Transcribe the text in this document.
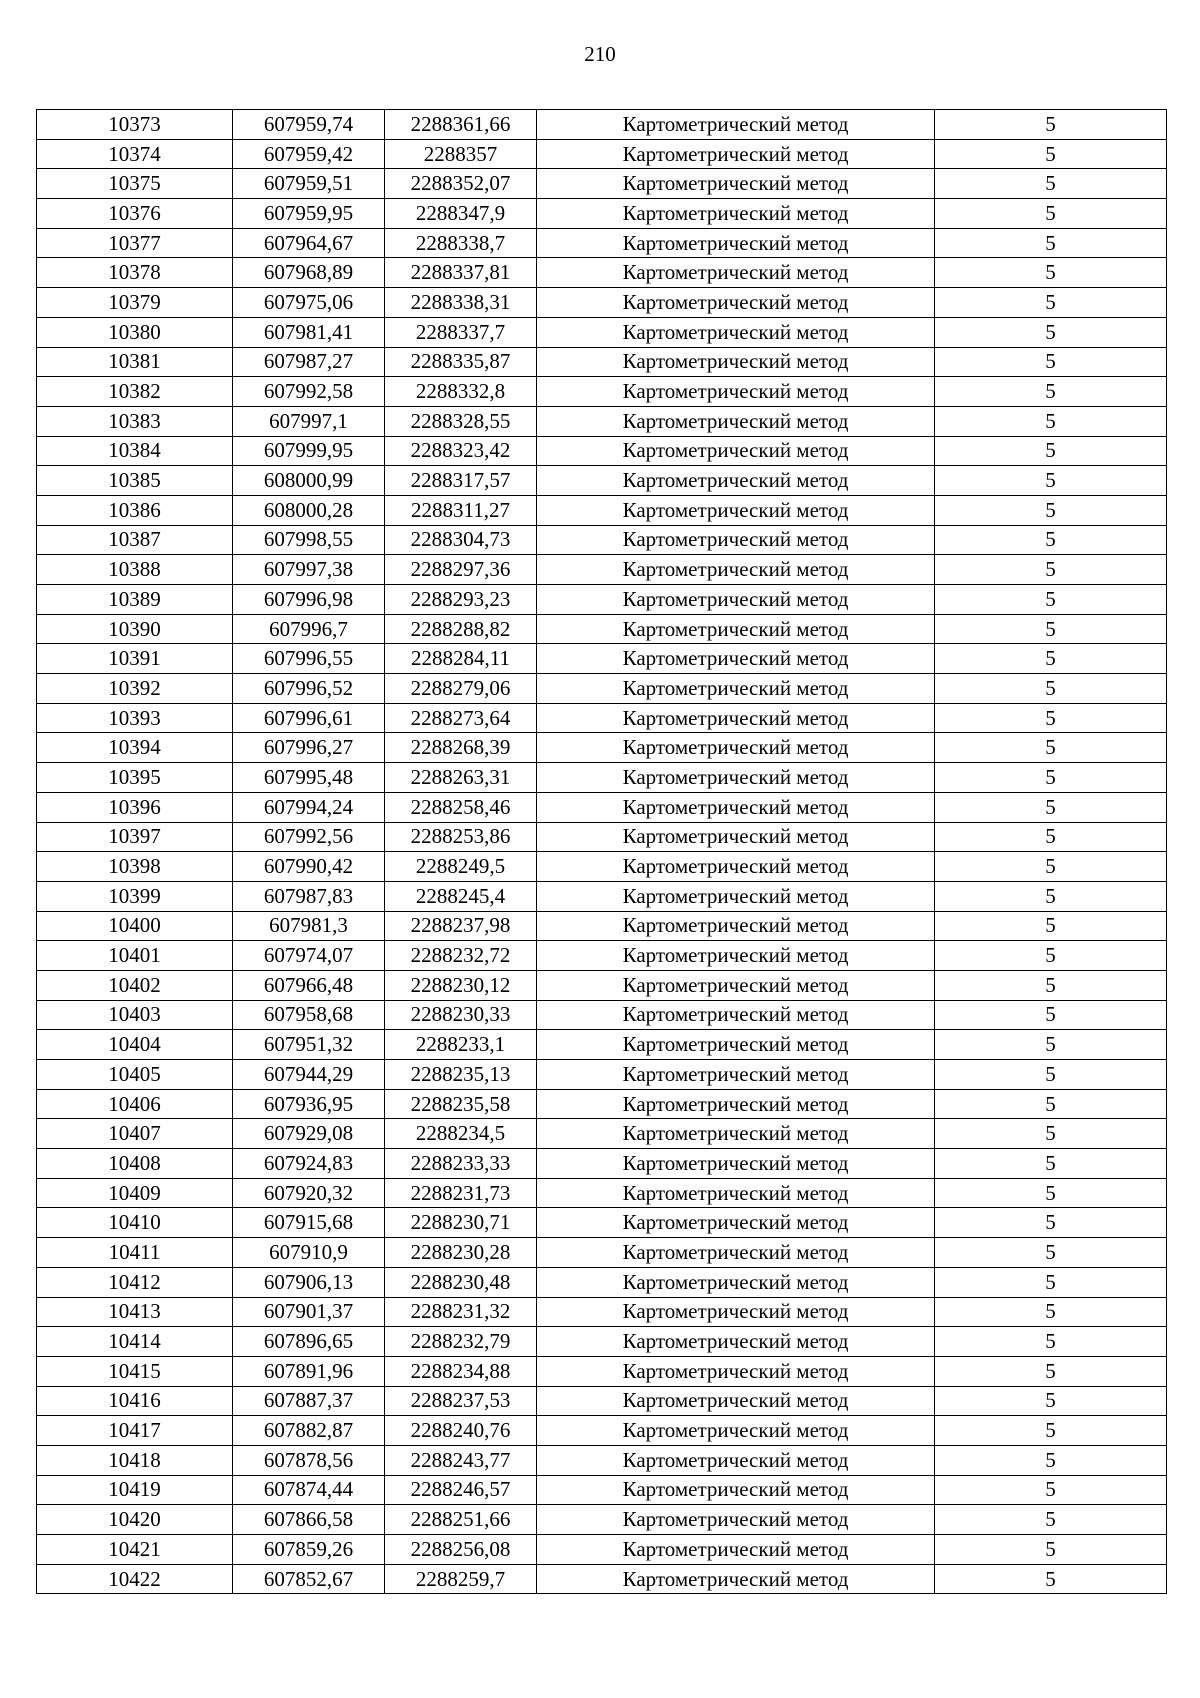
210
10373	607959,74	2288361,66	Картометрический метод	5
10374	607959,42	2288357	Картометрический метод	5
10375	607959,51	2288352,07	Картометрический метод	5
10376	607959,95	2288347,9	Картометрический метод	5
10377	607964,67	2288338,7	Картометрический метод	5
10378	607968,89	2288337,81	Картометрический метод	5
10379	607975,06	2288338,31	Картометрический метод	5
10380	607981,41	2288337,7	Картометрический метод	5
10381	607987,27	2288335,87	Картометрический метод	5
10382	607992,58	2288332,8	Картометрический метод	5
10383	607997,1	2288328,55	Картометрический метод	5
10384	607999,95	2288323,42	Картометрический метод	5
10385	608000,99	2288317,57	Картометрический метод	5
10386	608000,28	2288311,27	Картометрический метод	5
10387	607998,55	2288304,73	Картометрический метод	5
10388	607997,38	2288297,36	Картометрический метод	5
10389	607996,98	2288293,23	Картометрический метод	5
10390	607996,7	2288288,82	Картометрический метод	5
10391	607996,55	2288284,11	Картометрический метод	5
10392	607996,52	2288279,06	Картометрический метод	5
10393	607996,61	2288273,64	Картометрический метод	5
10394	607996,27	2288268,39	Картометрический метод	5
10395	607995,48	2288263,31	Картометрический метод	5
10396	607994,24	2288258,46	Картометрический метод	5
10397	607992,56	2288253,86	Картометрический метод	5
10398	607990,42	2288249,5	Картометрический метод	5
10399	607987,83	2288245,4	Картометрический метод	5
10400	607981,3	2288237,98	Картометрический метод	5
10401	607974,07	2288232,72	Картометрический метод	5
10402	607966,48	2288230,12	Картометрический метод	5
10403	607958,68	2288230,33	Картометрический метод	5
10404	607951,32	2288233,1	Картометрический метод	5
10405	607944,29	2288235,13	Картометрический метод	5
10406	607936,95	2288235,58	Картометрический метод	5
10407	607929,08	2288234,5	Картометрический метод	5
10408	607924,83	2288233,33	Картометрический метод	5
10409	607920,32	2288231,73	Картометрический метод	5
10410	607915,68	2288230,71	Картометрический метод	5
10411	607910,9	2288230,28	Картометрический метод	5
10412	607906,13	2288230,48	Картометрический метод	5
10413	607901,37	2288231,32	Картометрический метод	5
10414	607896,65	2288232,79	Картометрический метод	5
10415	607891,96	2288234,88	Картометрический метод	5
10416	607887,37	2288237,53	Картометрический метод	5
10417	607882,87	2288240,76	Картометрический метод	5
10418	607878,56	2288243,77	Картометрический метод	5
10419	607874,44	2288246,57	Картометрический метод	5
10420	607866,58	2288251,66	Картометрический метод	5
10421	607859,26	2288256,08	Картометрический метод	5
10422	607852,67	2288259,7	Картометрический метод	5
